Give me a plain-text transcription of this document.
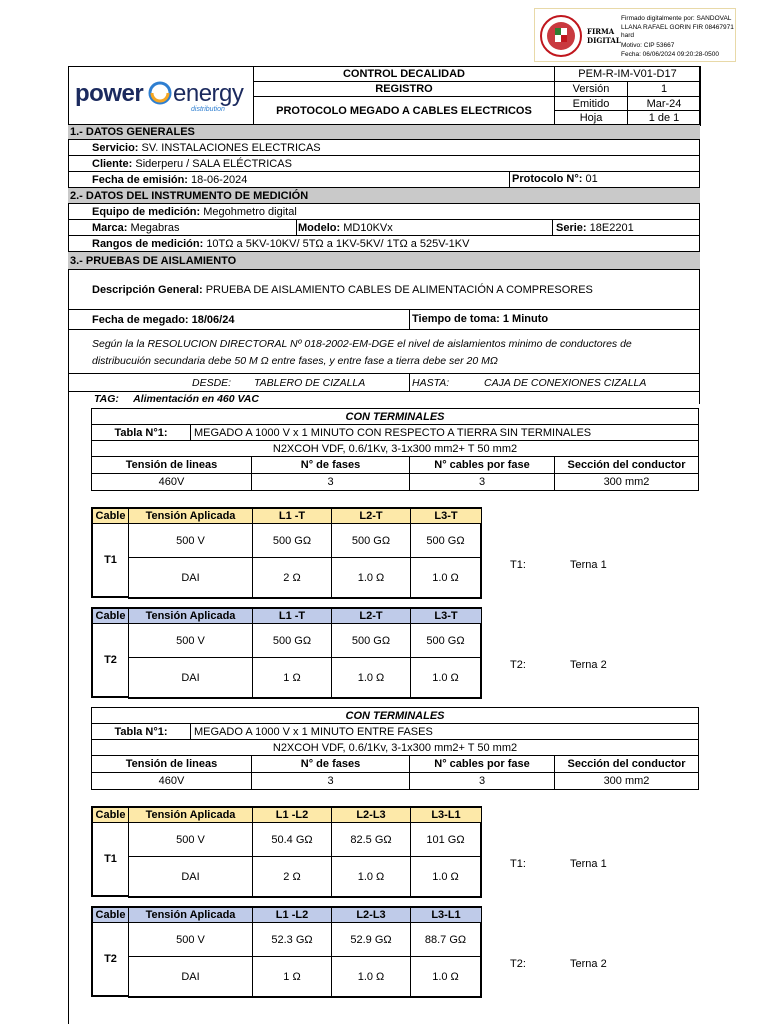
FIRMA DIGITAL
Firmado digitalmente por: SANDOVAL LLANA RAFAEL GORIN FIR 08467971 hard
Motivo: CIP 53667
Fecha: 06/06/2024 09:20:28-0500
power energy
distribution
CONTROL DECALIDAD
REGISTRO
PROTOCOLO MEGADO A CABLES ELECTRICOS
PEM-R-IM-V01-D17
Versión	1
Emitido	Mar-24
Hoja	1 de 1
1.- DATOS GENERALES
Servicio:
SV. INSTALACIONES ELECTRICAS
Cliente:
Siderperu / SALA ELÉCTRICAS
Fecha de emisión:
18-06-2024	Protocolo N°: 01
2.- DATOS DEL INSTRUMENTO DE MEDICIÓN
Equipo de medición:
Megohmetro digital
Marca:
Megabras	Modelo: MD10KVx	Serie: 18E2201
Rangos de medición:
10TΩ a 5KV-10KV/ 5TΩ a 1KV-5KV/ 1TΩ a 525V-1KV
3.- PRUEBAS DE AISLAMIENTO
Descripción General:
PRUEBA DE AISLAMIENTO CABLES DE ALIMENTACIÓN A COMPRESORES
Fecha de megado: 18/06/24	Tiempo de toma: 1 Minuto
Según la la RESOLUCION DIRECTORAL Nº 018-2002-EM-DGE el nivel de aislamientos minimo de conductores de
distribucuión secundaria debe 50 M Ω entre fases, y entre fase a tierra debe ser 20 MΩ
DESDE: TABLERO DE CIZALLA	HASTA:	CAJA DE CONEXIONES CIZALLA
TAG:     Alimentación en 460 VAC
CON TERMINALES
Tabla N°1:	MEGADO A 1000 V x 1 MINUTO CON RESPECTO A TIERRA SIN TERMINALES
N2XCOH VDF, 0.6/1Kv, 3-1x300 mm2+ T 50 mm2
Tensión de lineas	N° de fases	N° cables por fase	Sección del conductor
460V	3	3	300 mm2
CON TERMINALES
Tabla N°1:	MEGADO A 1000 V x 1 MINUTO ENTRE FASES
N2XCOH VDF, 0.6/1Kv, 3-1x300 mm2+ T 50 mm2
Tensión de lineas	N° de fases	N° cables por fase	Sección del conductor
460V	3	3	300 mm2
Cable	Tensión Aplicada	L1 -T	L2-T	L3-T
T1
500 V	500 GΩ	500 GΩ	500 GΩ
DAI	2 Ω	1.0 Ω	1.0 Ω
T1:	Terna 1
Cable	Tensión Aplicada	L1 -T	L2-T	L3-T
T2
500 V	500 GΩ	500 GΩ	500 GΩ
DAI	1 Ω	1.0 Ω	1.0 Ω
T2:	Terna 2
Cable	Tensión Aplicada	L1 -L2	L2-L3	L3-L1
T1
500 V	50.4 GΩ	82.5 GΩ	101 GΩ
DAI	2 Ω	1.0 Ω	1.0 Ω
T1:	Terna 1
Cable	Tensión Aplicada	L1 -L2	L2-L3	L3-L1
T2
500 V	52.3 GΩ	52.9 GΩ	88.7 GΩ
DAI	1 Ω	1.0 Ω	1.0 Ω
T2:	Terna 2
